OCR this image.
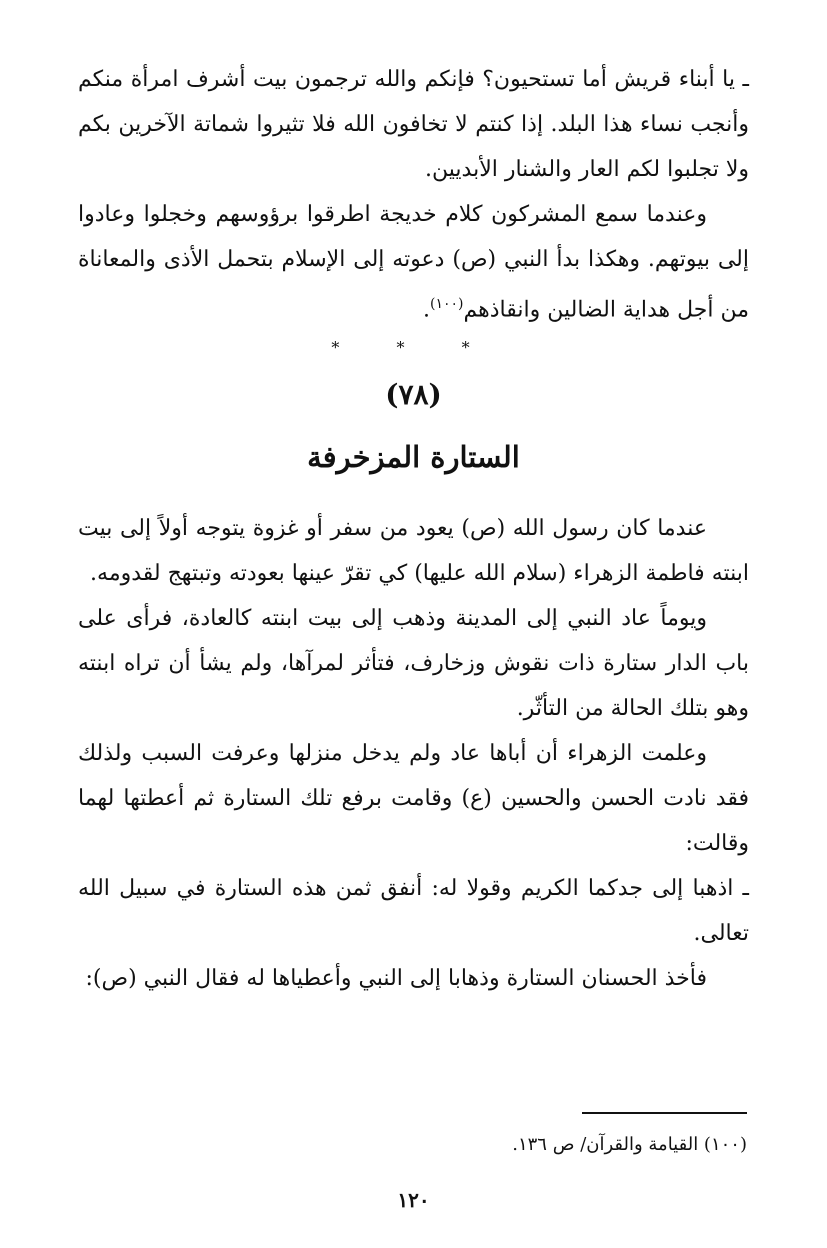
ـ يا أبناء قريش أما تستحيون؟ فإنكم والله ترجمون بيت أشرف امرأة منكم وأنجب نساء هذا البلد. إذا كنتم لا تخافون الله فلا تثيروا شماتة الآخرين بكم ولا تجلبوا لكم العار والشنار الأبديين.

وعندما سمع المشركون كلام خديجة اطرقوا برؤوسهم وخجلوا وعادوا إلى بيوتهم. وهكذا بدأ النبي (ص) دعوته إلى الإسلام بتحمل الأذى والمعاناة من أجل هداية الضالين وانقاذهم$^{(١٠٠)}$.

* * *
(٧٨)
الستارة المزخرفة

عندما كان رسول الله (ص) يعود من سفر أو غزوة يتوجه أولاً إلى بيت ابنته فاطمة الزهراء (سلام الله عليها) كي تقرّ عينها بعودته وتبتهج لقدومه.

ويوماً عاد النبي إلى المدينة وذهب إلى بيت ابنته كالعادة، فرأى على باب الدار ستارة ذات نقوش وزخارف، فتأثر لمرآها، ولم يشأ أن تراه ابنته وهو بتلك الحالة من التأثّر.

وعلمت الزهراء أن أباها عاد ولم يدخل منزلها وعرفت السبب ولذلك فقد نادت الحسن والحسين (ع) وقامت برفع تلك الستارة ثم أعطتها لهما وقالت:

ـ اذهبا إلى جدكما الكريم وقولا له: أنفق ثمن هذه الستارة في سبيل الله تعالى.

فأخذ الحسنان الستارة وذهابا إلى النبي وأعطياها له فقال النبي (ص):

(١٠٠) القيامة والقرآن/ ص ١٣٦.
١٢٠
